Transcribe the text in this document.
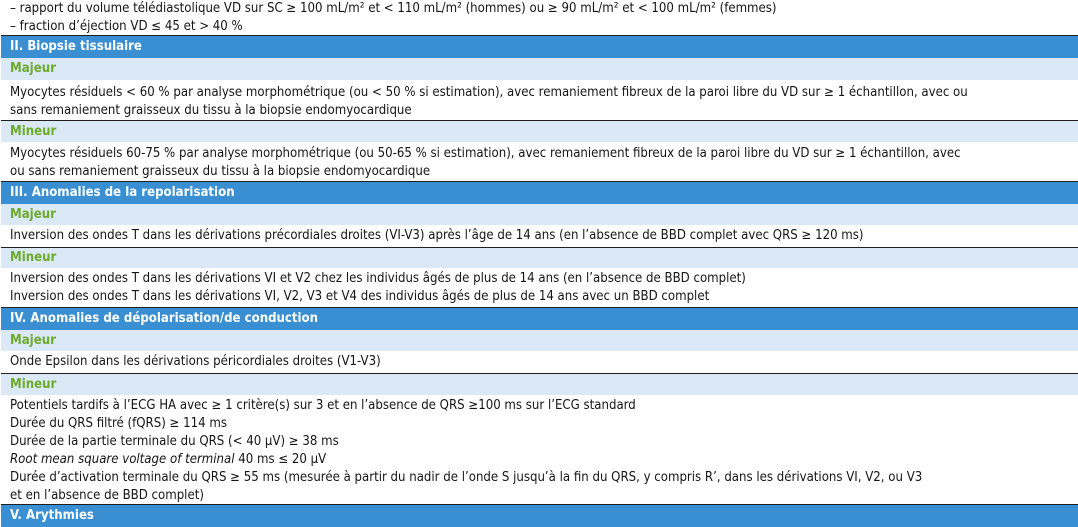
– rapport du volume télédiastolique VD sur SC ≥ 100 mL/m² et < 110 mL/m² (hommes) ou ≥ 90 mL/m² et < 100 mL/m² (femmes)
– fraction d’éjection VD ≤ 45 et > 40 %
II. Biopsie tissulaire
Majeur
Myocytes résiduels < 60 % par analyse morphométrique (ou < 50 % si estimation), avec remaniement fibreux de la paroi libre du VD sur ≥ 1 échantillon, avec ou
sans remaniement graisseux du tissu à la biopsie endomyocardique
Mineur
Myocytes résiduels 60-75 % par analyse morphométrique (ou 50-65 % si estimation), avec remaniement fibreux de la paroi libre du VD sur ≥ 1 échantillon, avec
ou sans remaniement graisseux du tissu à la biopsie endomyocardique
III. Anomalies de la repolarisation
Majeur
Inversion des ondes T dans les dérivations précordiales droites (VI-V3) après l’âge de 14 ans (en l’absence de BBD complet avec QRS ≥ 120 ms)
Mineur
Inversion des ondes T dans les dérivations VI et V2 chez les individus âgés de plus de 14 ans (en l’absence de BBD complet)
Inversion des ondes T dans les dérivations VI, V2, V3 et V4 des individus âgés de plus de 14 ans avec un BBD complet
IV. Anomalies de dépolarisation/de conduction
Majeur
Onde Epsilon dans les dérivations péricordiales droites (V1-V3)
Mineur
Potentiels tardifs à l’ECG HA avec ≥ 1 critère(s) sur 3 et en l’absence de QRS ≥100 ms sur l’ECG standard
Durée du QRS filtré (fQRS) ≥ 114 ms
Durée de la partie terminale du QRS (< 40 µV) ≥ 38 ms
Root mean square voltage of terminal 40 ms ≤ 20 µV
Durée d’activation terminale du QRS ≥ 55 ms (mesurée à partir du nadir de l’onde S jusqu’à la fin du QRS, y compris R’, dans les dérivations VI, V2, ou V3
et en l’absence de BBD complet)
V. Arythmies
